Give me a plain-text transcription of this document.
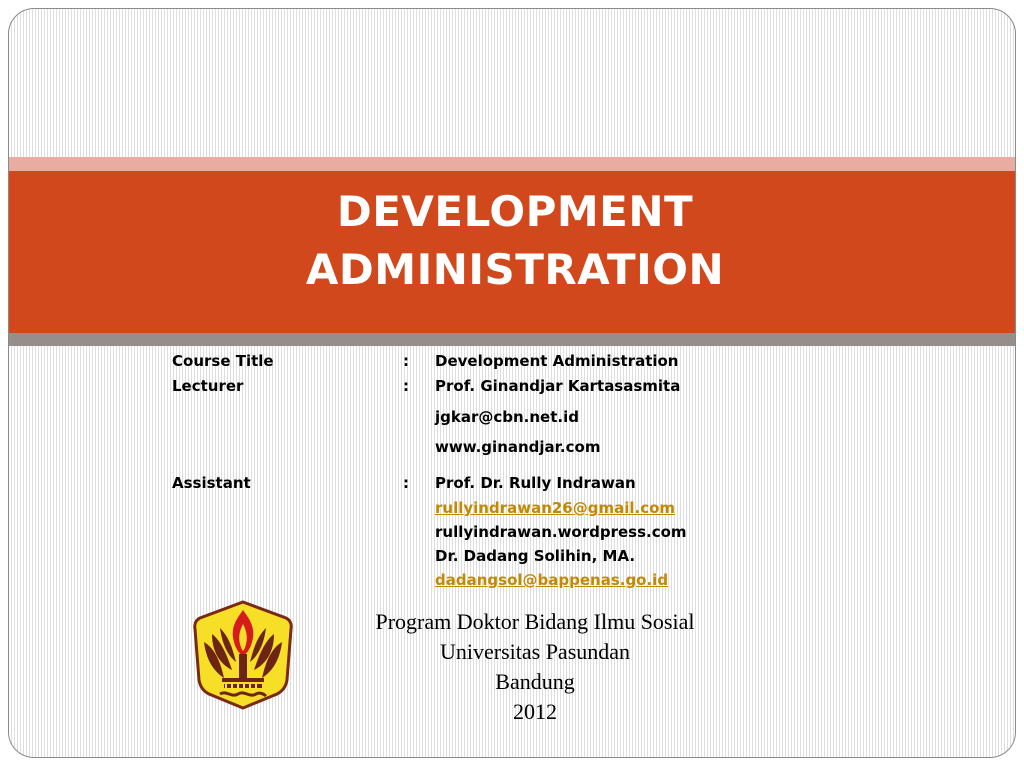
DEVELOPMENT
ADMINISTRATION
Course Title	: Development Administration
Lecturer	: Prof. Ginandjar Kartasasmita
jgkar@cbn.net.id
www.ginandjar.com
Assistant	: Prof. Dr. Rully Indrawan
rullyindrawan26@gmail.com
rullyindrawan.wordpress.com
Dr. Dadang Solihin, MA.
dadangsol@bappenas.go.id
Program Doktor Bidang Ilmu Sosial
Universitas Pasundan
Bandung
2012
